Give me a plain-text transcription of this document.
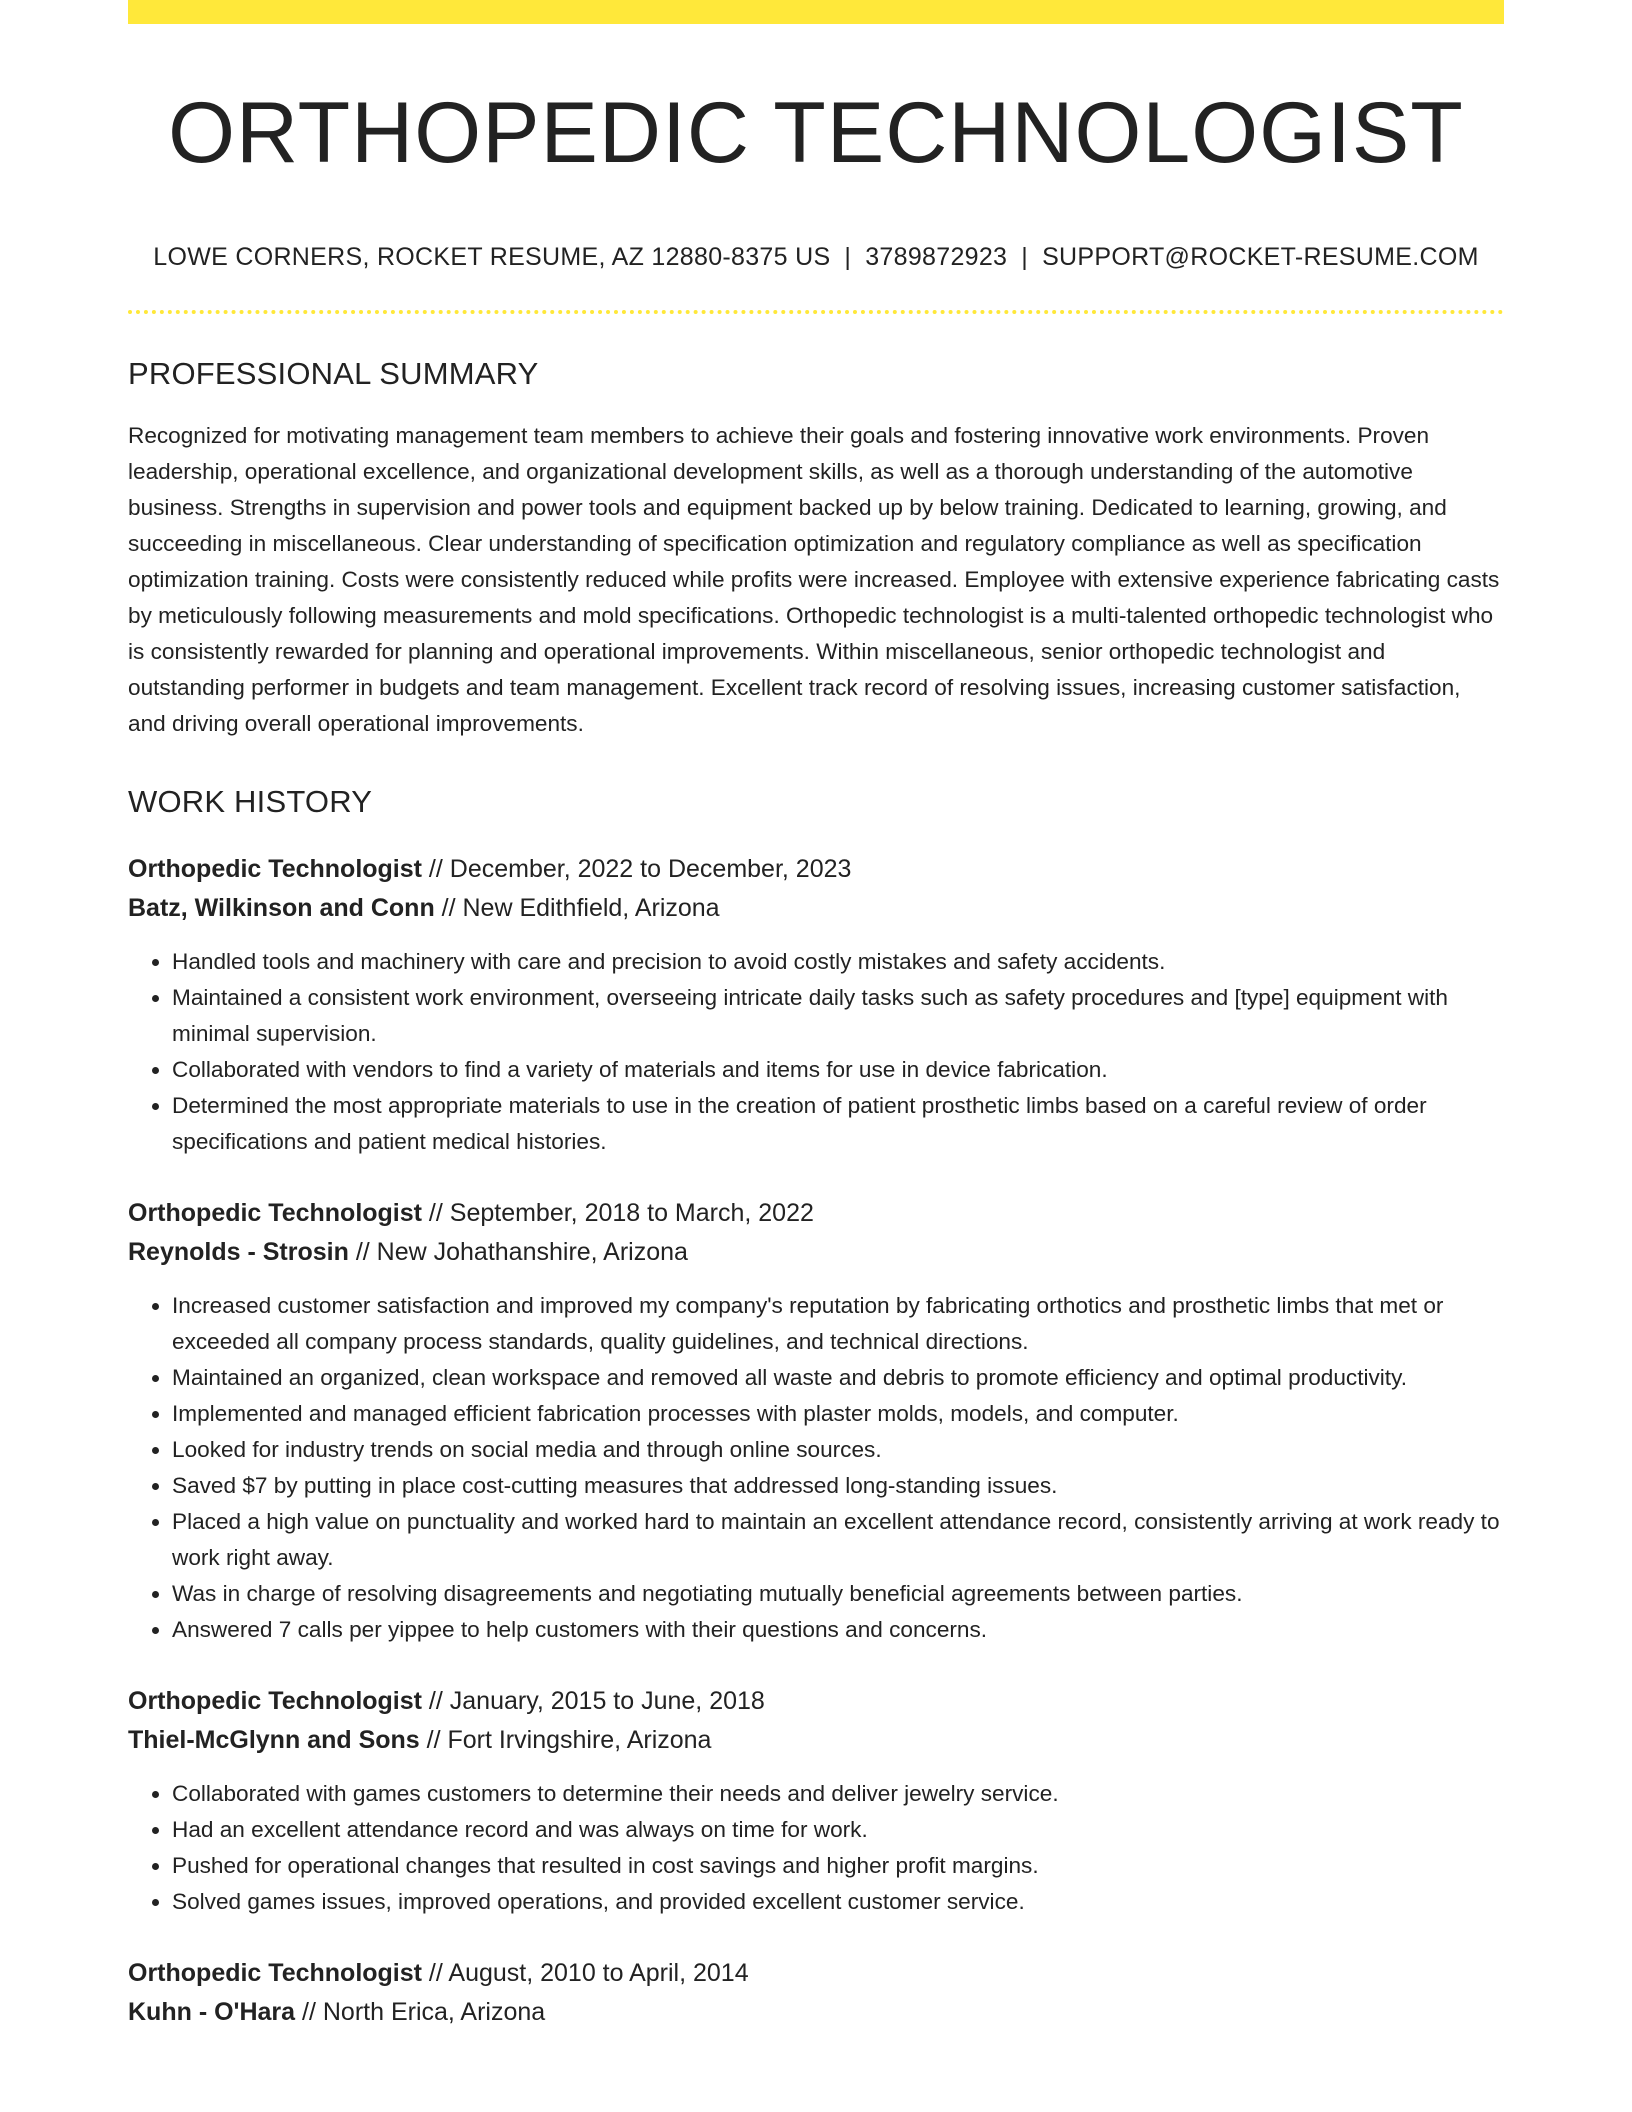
ORTHOPEDIC TECHNOLOGIST
LOWE CORNERS, ROCKET RESUME, AZ 12880-8375 US | 3789872923 | SUPPORT@ROCKET-RESUME.COM
PROFESSIONAL SUMMARY
Recognized for motivating management team members to achieve their goals and fostering innovative work environments. Proven leadership, operational excellence, and organizational development skills, as well as a thorough understanding of the automotive business. Strengths in supervision and power tools and equipment backed up by below training. Dedicated to learning, growing, and succeeding in miscellaneous. Clear understanding of specification optimization and regulatory compliance as well as specification optimization training. Costs were consistently reduced while profits were increased. Employee with extensive experience fabricating casts by meticulously following measurements and mold specifications. Orthopedic technologist is a multi-talented orthopedic technologist who is consistently rewarded for planning and operational improvements. Within miscellaneous, senior orthopedic technologist and outstanding performer in budgets and team management. Excellent track record of resolving issues, increasing customer satisfaction, and driving overall operational improvements.
WORK HISTORY
Orthopedic Technologist // December, 2022 to December, 2023
Batz, Wilkinson and Conn // New Edithfield, Arizona
• Handled tools and machinery with care and precision to avoid costly mistakes and safety accidents.
• Maintained a consistent work environment, overseeing intricate daily tasks such as safety procedures and [type] equipment with minimal supervision.
• Collaborated with vendors to find a variety of materials and items for use in device fabrication.
• Determined the most appropriate materials to use in the creation of patient prosthetic limbs based on a careful review of order specifications and patient medical histories.
Orthopedic Technologist // September, 2018 to March, 2022
Reynolds - Strosin // New Johathanshire, Arizona
• Increased customer satisfaction and improved my company's reputation by fabricating orthotics and prosthetic limbs that met or exceeded all company process standards, quality guidelines, and technical directions.
• Maintained an organized, clean workspace and removed all waste and debris to promote efficiency and optimal productivity.
• Implemented and managed efficient fabrication processes with plaster molds, models, and computer.
• Looked for industry trends on social media and through online sources.
• Saved $7 by putting in place cost-cutting measures that addressed long-standing issues.
• Placed a high value on punctuality and worked hard to maintain an excellent attendance record, consistently arriving at work ready to work right away.
• Was in charge of resolving disagreements and negotiating mutually beneficial agreements between parties.
• Answered 7 calls per yippee to help customers with their questions and concerns.
Orthopedic Technologist // January, 2015 to June, 2018
Thiel-McGlynn and Sons // Fort Irvingshire, Arizona
• Collaborated with games customers to determine their needs and deliver jewelry service.
• Had an excellent attendance record and was always on time for work.
• Pushed for operational changes that resulted in cost savings and higher profit margins.
• Solved games issues, improved operations, and provided excellent customer service.
Orthopedic Technologist // August, 2010 to April, 2014
Kuhn - O'Hara // North Erica, Arizona
